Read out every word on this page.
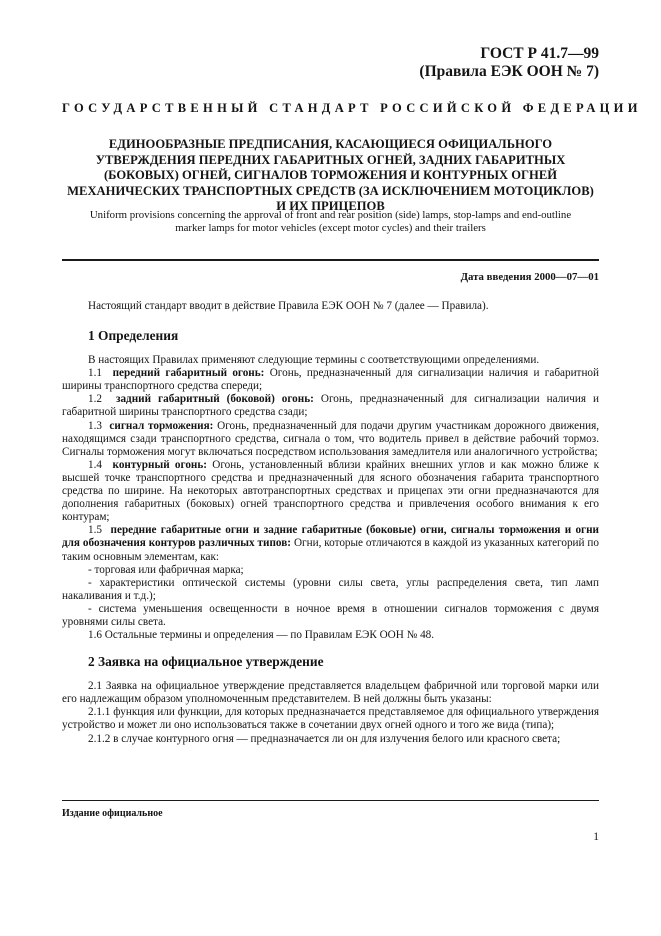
ГОСТ Р 41.7—99
(Правила ЕЭК ООН № 7)
ГОСУДАРСТВЕННЫЙ СТАНДАРТ РОССИЙСКОЙ ФЕДЕРАЦИИ
ЕДИНООБРАЗНЫЕ ПРЕДПИСАНИЯ, КАСАЮЩИЕСЯ ОФИЦИАЛЬНОГО УТВЕРЖДЕНИЯ ПЕРЕДНИХ ГАБАРИТНЫХ ОГНЕЙ, ЗАДНИХ ГАБАРИТНЫХ (БОКОВЫХ) ОГНЕЙ, СИГНАЛОВ ТОРМОЖЕНИЯ И КОНТУРНЫХ ОГНЕЙ МЕХАНИЧЕСКИХ ТРАНСПОРТНЫХ СРЕДСТВ (ЗА ИСКЛЮЧЕНИЕМ МОТОЦИКЛОВ) И ИХ ПРИЦЕПОВ
Uniform provisions concerning the approval of front and rear position (side) lamps, stop-lamps and end-outline marker lamps for motor vehicles (except motor cycles) and their trailers
Дата введения 2000—07—01

Настоящий стандарт вводит в действие Правила ЕЭК ООН № 7 (далее — Правила).

1 Определения

В настоящих Правилах применяют следующие термины с соответствующими определениями.

1.1 передний габаритный огонь: Огонь, предназначенный для сигнализации наличия и габаритной ширины транспортного средства спереди;

1.2 задний габаритный (боковой) огонь: Огонь, предназначенный для сигнализации наличия и габаритной ширины транспортного средства сзади;

1.3 сигнал торможения: Огонь, предназначенный для подачи другим участникам дорожного движения, находящимся сзади транспортного средства, сигнала о том, что водитель привел в действие рабочий тормоз. Сигналы торможения могут включаться посредством использования замедлителя или аналогичного устройства;

1.4 контурный огонь: Огонь, установленный вблизи крайних внешних углов и как можно ближе к высшей точке транспортного средства и предназначенный для ясного обозначения габарита транспортного средства по ширине. На некоторых автотранспортных средствах и прицепах эти огни предназначаются для дополнения габаритных (боковых) огней транспортного средства и привлечения особого внимания к его контурам;

1.5 передние габаритные огни и задние габаритные (боковые) огни, сигналы торможения и огни для обозначения контуров различных типов: Огни, которые отличаются в каждой из указанных категорий по таким основным элементам, как:

- торговая или фабричная марка;

- характеристики оптической системы (уровни силы света, углы распределения света, тип ламп накаливания и т.д.);

- система уменьшения освещенности в ночное время в отношении сигналов торможения с двумя уровнями силы света.

1.6 Остальные термины и определения — по Правилам ЕЭК ООН № 48.

2 Заявка на официальное утверждение

2.1 Заявка на официальное утверждение представляется владельцем фабричной или торговой марки или его надлежащим образом уполномоченным представителем. В ней должны быть указаны:

2.1.1 функция или функции, для которых предназначается представляемое для официального утверждения устройство и может ли оно использоваться также в сочетании двух огней одного и того же вида (типа);

2.1.2 в случае контурного огня — предназначается ли он для излучения белого или красного света;

Издание официальное
1
